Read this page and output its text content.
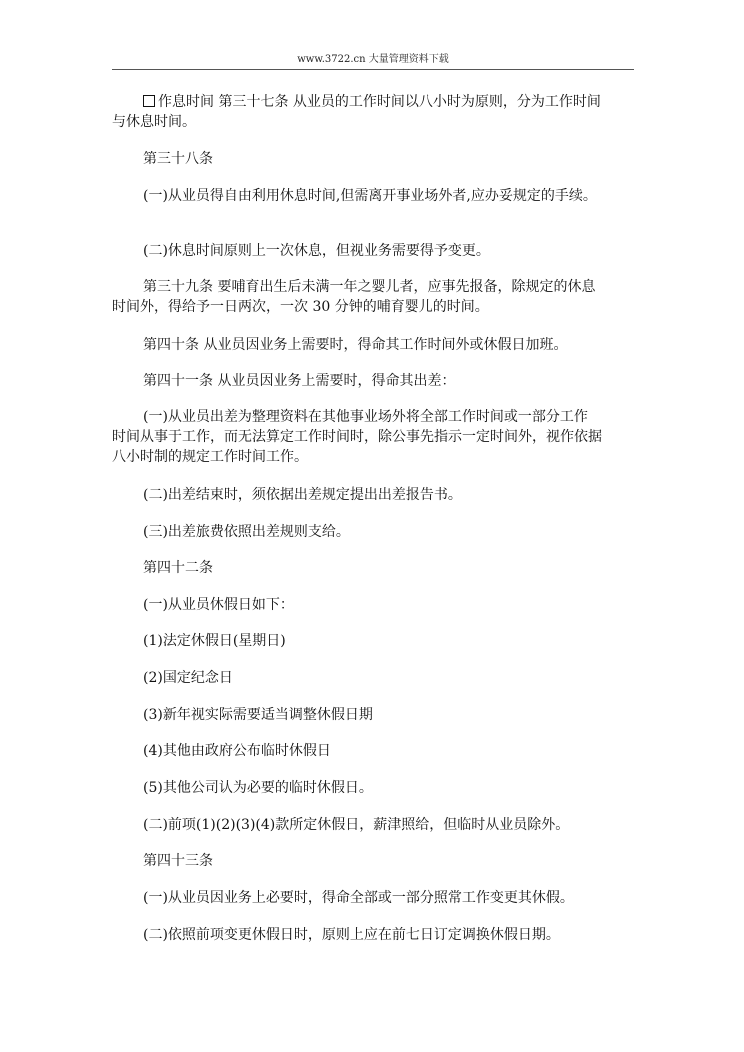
www.3722.cn 大量管理资料下载
作息时间 第三十七条 从业员的工作时间以八小时为原则，分为工作时间
与休息时间。
第三十八条
(一)从业员得自由利用休息时间,但需离开事业场外者,应办妥规定的手续。
(二)休息时间原则上一次休息，但视业务需要得予变更。
第三十九条 要哺育出生后未满一年之婴儿者，应事先报备，除规定的休息
时间外，得给予一日两次，一次 30 分钟的哺育婴儿的时间。
第四十条 从业员因业务上需要时，得命其工作时间外或休假日加班。
第四十一条 从业员因业务上需要时，得命其出差：
(一)从业员出差为整理资料在其他事业场外将全部工作时间或一部分工作
时间从事于工作，而无法算定工作时间时，除公事先指示一定时间外，视作依据
八小时制的规定工作时间工作。
(二)出差结束时，须依据出差规定提出出差报告书。
(三)出差旅费依照出差规则支给。
第四十二条
(一)从业员休假日如下：
(1)法定休假日(星期日)
(2)国定纪念日
(3)新年视实际需要适当调整休假日期
(4)其他由政府公布临时休假日
(5)其他公司认为必要的临时休假日。
(二)前项(1)(2)(3)(4)款所定休假日，薪津照给，但临时从业员除外。
第四十三条
(一)从业员因业务上必要时，得命全部或一部分照常工作变更其休假。
(二)依照前项变更休假日时，原则上应在前七日订定调换休假日期。
